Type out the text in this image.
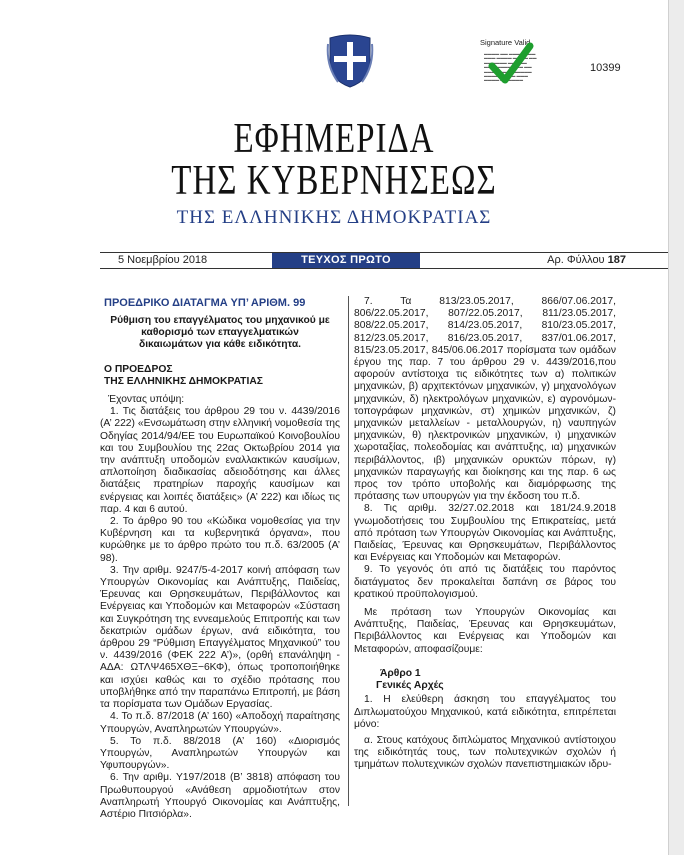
Signature Valid
▬▬▬▬ ▬▬ ▬▬▬▬▬▬▬
▬▬▬ ▬▬▬▬ ▬▬▬▬ ▬▬
▬▬▬▬▬▬ ▬▬▬▬▬
▬▬▬ ▬▬▬▬▬▬▬ ▬▬
▬▬▬▬ ▬▬ ▬▬▬▬▬▬
▬▬▬▬▬ ▬▬▬ ▬▬▬
▬▬▬▬ ▬▬▬▬▬▬
10399
ΕΦΗΜΕΡΙΔΑ
ΤΗΣ ΚΥΒΕΡΝΗΣΕΩΣ
ΤΗΣ ΕΛΛΗΝΙΚΗΣ ΔΗΜΟΚΡΑΤΙΑΣ
5 Νοεμβρίου 2018	ΤΕΥΧΟΣ ΠΡΩΤΟ	Αρ. Φύλλου 187
ΠΡΟΕΔΡΙΚΟ ΔΙΑΤΑΓΜΑ ΥΠ’ ΑΡΙΘΜ. 99
Ρύθμιση του επαγγέλματος του μηχανικού με καθορισμό των επαγγελματικών δικαιωμάτων για κάθε ειδικότητα.
Ο ΠΡΟΕΔΡΟΣ
ΤΗΣ ΕΛΛΗΝΙΚΗΣ ΔΗΜΟΚΡΑΤΙΑΣ
Έχοντας υπόψη:
1. Τις διατάξεις του άρθρου 29 του ν. 4439/2016 (Α’ 222) «Ενσωμάτωση στην ελληνική νομοθεσία της Οδηγίας 2014/94/ΕΕ του Ευρωπαϊκού Κοινοβουλίου και του Συμβουλίου της 22ας Οκτωβρίου 2014 για την ανάπτυξη υποδομών εναλλακτικών καυσίμων, απλοποίηση διαδικασίας αδειοδότησης και άλλες διατάξεις πρατηρίων παροχής καυσίμων και ενέργειας και λοιπές διατάξεις» (Α’ 222) και ιδίως τις παρ. 4 και 6 αυτού.
2. Το άρθρο 90 του «Κώδικα νομοθεσίας για την Κυβέρνηση και τα κυβερνητικά όργανα», που κυρώθηκε με το άρθρο πρώτο του π.δ. 63/2005 (Α’ 98).
3. Την αριθμ. 9247/5-4-2017 κοινή απόφαση των Υπουργών Οικονομίας και Ανάπτυξης, Παιδείας, Έρευνας και Θρησκευμάτων, Περιβάλλοντος και Ενέργειας και Υποδομών και Μεταφορών «Σύσταση και Συγκρότηση της εννεαμελούς Επιτροπής και των δεκατριών ομάδων έργων, ανά ειδικότητα, του άρθρου 29 “Ρύθμιση Επαγγέλματος Μηχανικού” του ν. 4439/2016 (ΦΕΚ 222 Α’)», (ορθή επανάληψη - ΑΔΑ: ΩΤΛΨ465ΧΘΞ−6ΚΦ), όπως τροποποιήθηκε και ισχύει καθώς και το σχέδιο πρότασης που υποβλήθηκε από την παραπάνω Επιτροπή, με βάση τα πορίσματα των Ομάδων Εργασίας.
4. Το π.δ. 87/2018 (Α’ 160) «Αποδοχή παραίτησης Υπουργών, Αναπληρωτών Υπουργών».
5. Το π.δ. 88/2018 (Α’ 160) «Διορισμός Υπουργών, Αναπληρωτών Υπουργών και Υφυπουργών».
6. Την αριθμ. Υ197/2018 (Β’ 3818) απόφαση του Πρωθυπουργού «Ανάθεση αρμοδιοτήτων στον Αναπληρωτή Υπουργό Οικονομίας και Ανάπτυξης, Αστέριο Πιτσιόρλα».
7. Τα 813/23.05.2017, 866/07.06.2017, 806/22.05.2017, 807/22.05.2017, 811/23.05.2017, 808/22.05.2017, 814/23.05.2017, 810/23.05.2017, 812/23.05.2017, 816/23.05.2017, 837/01.06.2017, 815/23.05.2017, 845/06.06.2017 πορίσματα των ομάδων έργου της παρ. 7 του άρθρου 29 ν. 4439/2016,που αφορούν αντίστοιχα τις ειδικότητες των α) πολιτικών μηχανικών, β) αρχιτεκτόνων μηχανικών, γ) μηχανολόγων μηχανικών, δ) ηλεκτρολόγων μηχανικών, ε) αγρονόμων-τοπογράφων μηχανικών, στ) χημικών μηχανικών, ζ) μηχανικών μεταλλείων - μεταλλουργών, η) ναυπηγών μηχανικών, θ) ηλεκτρονικών μηχανικών, ι) μηχανικών χωροταξίας, πολεοδομίας και ανάπτυξης, ια) μηχανικών περιβάλλοντος, ιβ) μηχανικών ορυκτών πόρων, ιγ) μηχανικών παραγωγής και διοίκησης και της παρ. 6 ως προς τον τρόπο υποβολής και διαμόρφωσης της πρότασης των υπουργών για την έκδοση του π.δ.
8. Τις αριθμ. 32/27.02.2018 και 181/24.9.2018 γνωμοδοτήσεις του Συμβουλίου της Επικρατείας, μετά από πρόταση των Υπουργών Οικονομίας και Ανάπτυξης, Παιδείας, Έρευνας και Θρησκευμάτων, Περιβάλλοντος και Ενέργειας και Υποδομών και Μεταφορών.
9. Το γεγονός ότι από τις διατάξεις του παρόντος διατάγματος δεν προκαλείται δαπάνη σε βάρος του κρατικού προϋπολογισμού.
Με πρόταση των Υπουργών Οικονομίας και Ανάπτυξης, Παιδείας, Έρευνας και Θρησκευμάτων, Περιβάλλοντος και Ενέργειας και Υποδομών και Μεταφορών, αποφασίζουμε:
Άρθρο 1
Γενικές Αρχές
1. Η ελεύθερη άσκηση του επαγγέλματος του Διπλωματούχου Μηχανικού, κατά ειδικότητα, επιτρέπεται μόνο:
α. Στους κατόχους διπλώματος Μηχανικού αντίστοιχου της ειδικότητάς τους, των πολυτεχνικών σχολών ή τμημάτων πολυτεχνικών σχολών πανεπιστημιακών ιδρυ-
